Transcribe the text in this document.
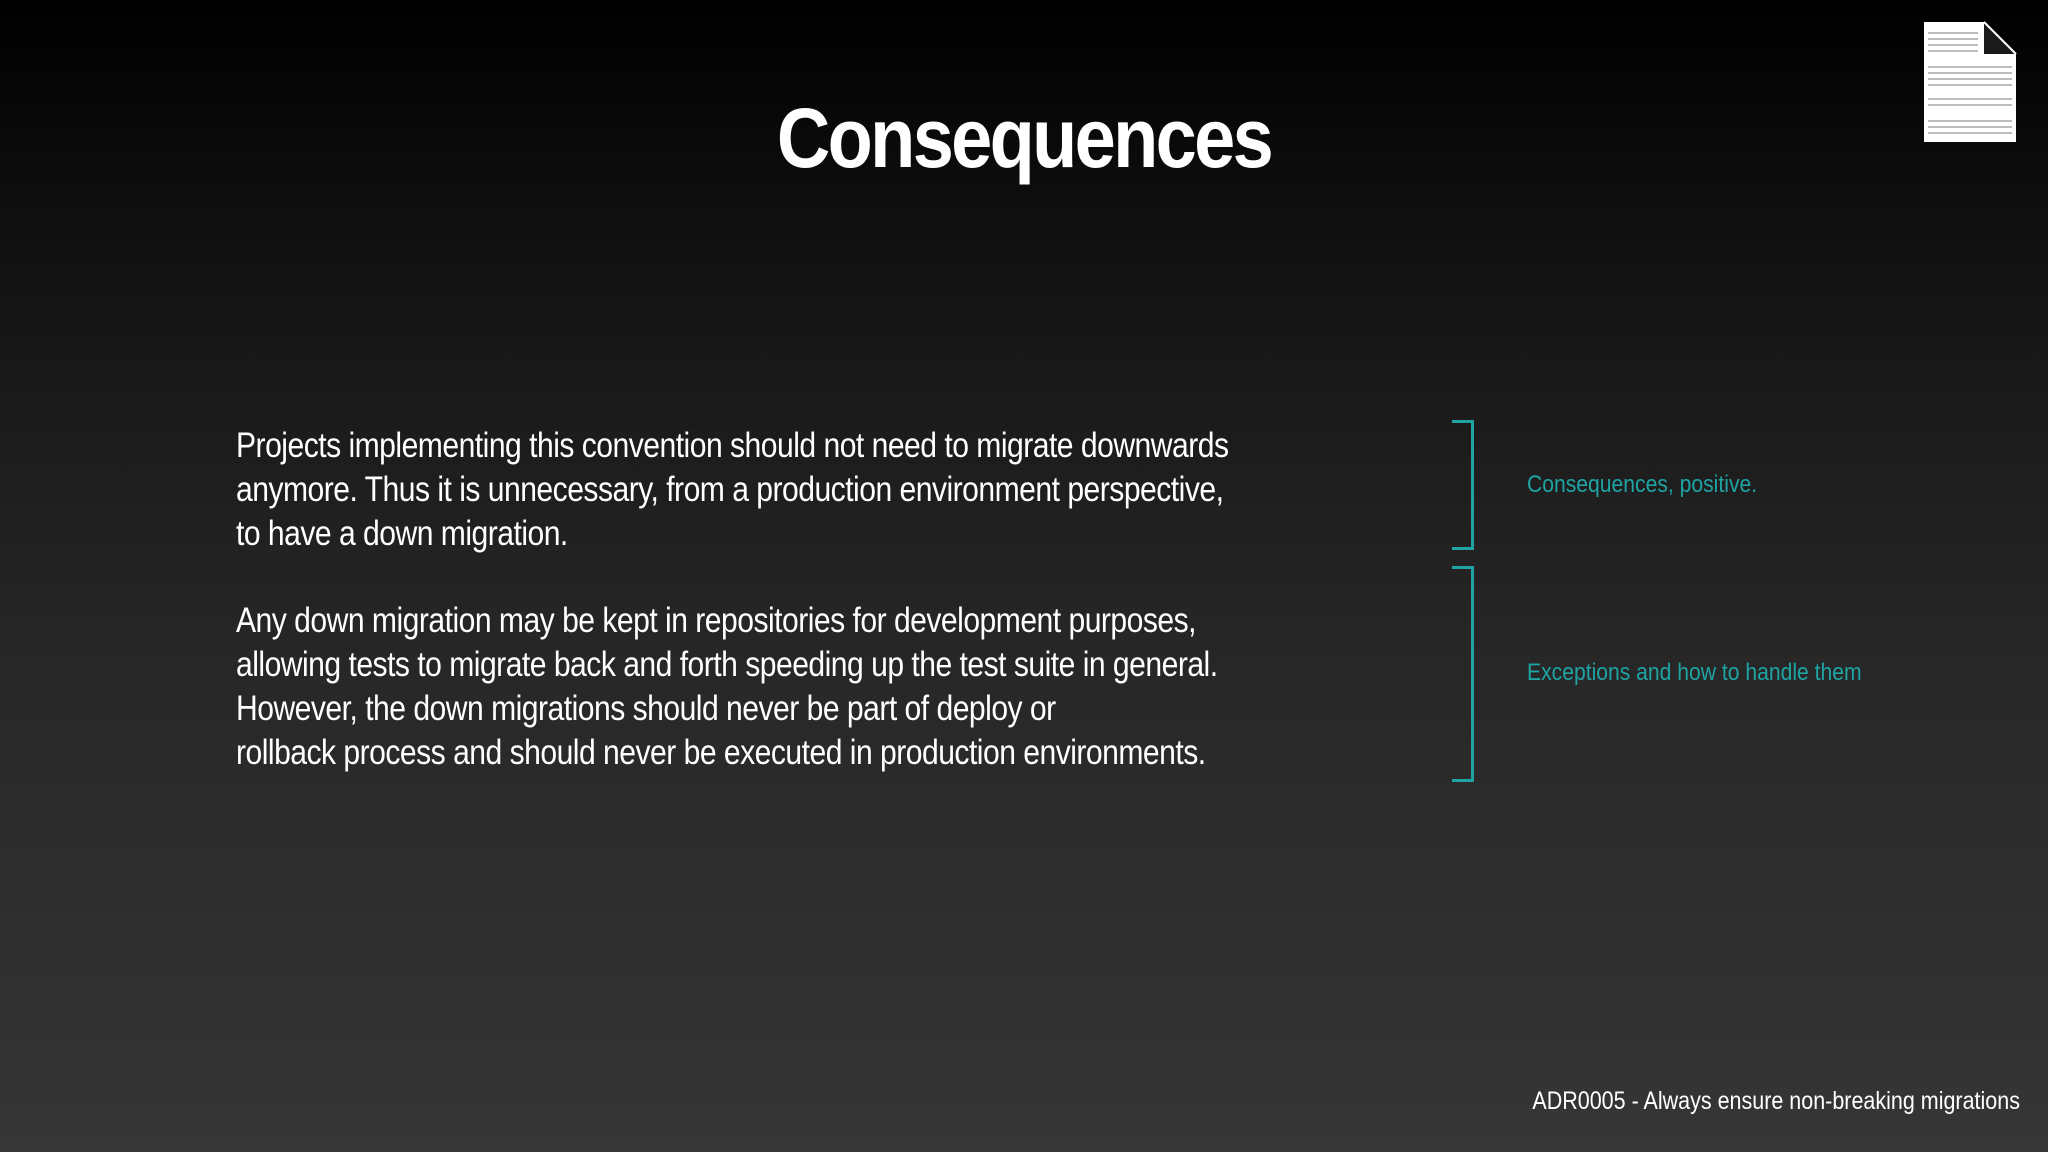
Consequences
Projects implementing this convention should not need to migrate downwards
anymore. Thus it is unnecessary, from a production environment perspective,
to have a down migration.
Any down migration may be kept in repositories for development purposes,
allowing tests to migrate back and forth speeding up the test suite in general.
However, the down migrations should never be part of deploy or
rollback process and should never be executed in production environments.
Consequences, positive.
Exceptions and how to handle them
ADR0005 - Always ensure non-breaking migrations
